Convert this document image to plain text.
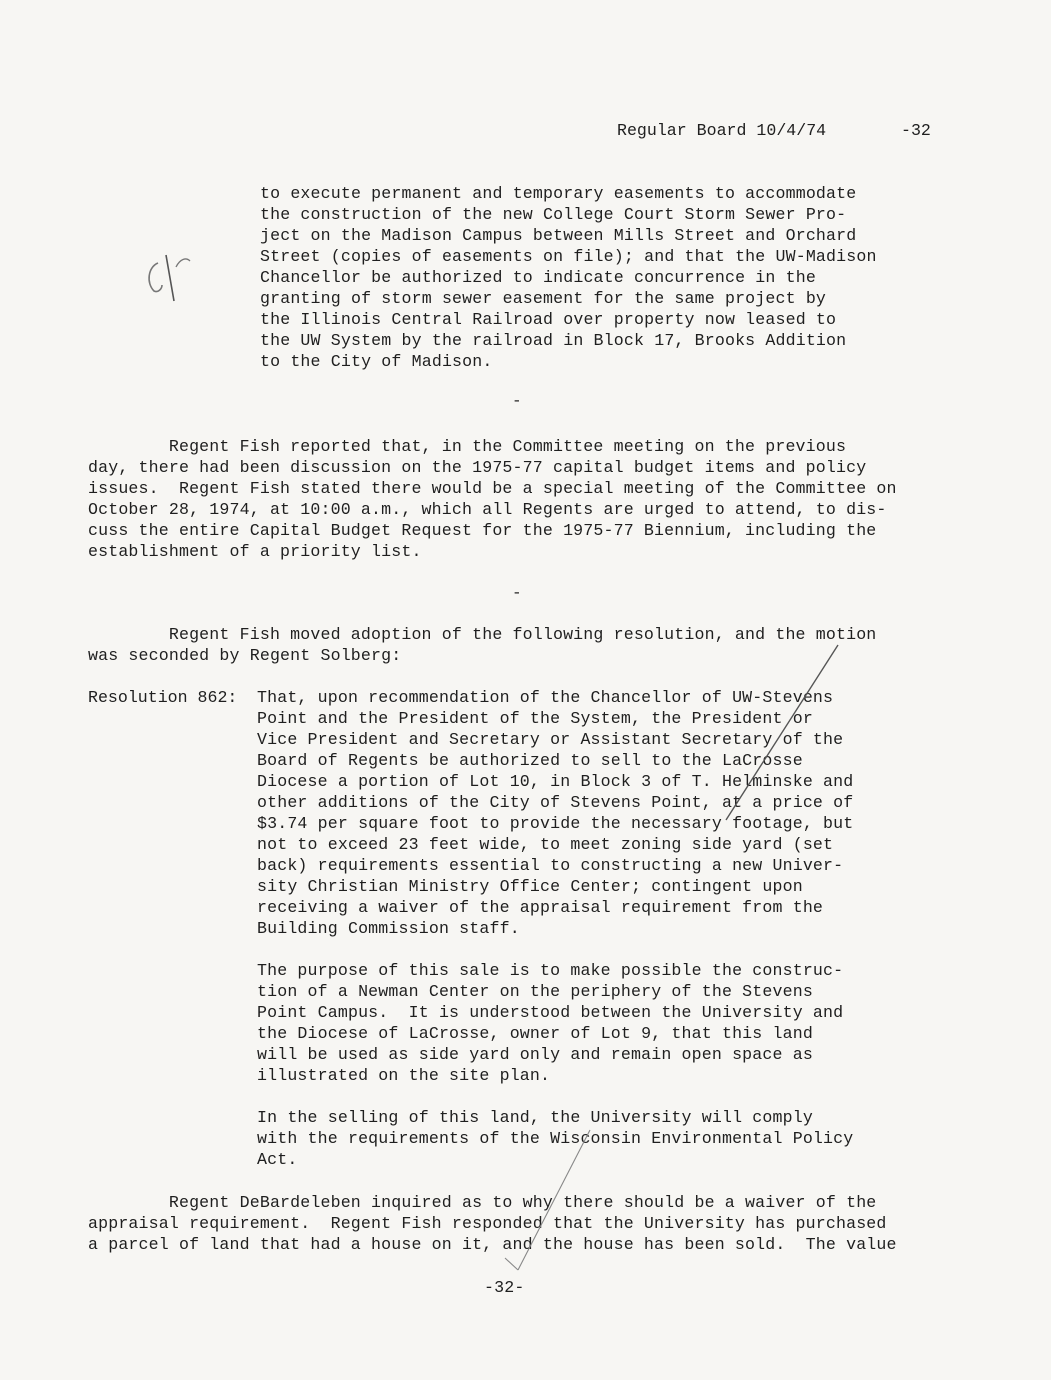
Regular Board 10/4/74	-32
to execute permanent and temporary easements to accommodate
the construction of the new College Court Storm Sewer Pro-
ject on the Madison Campus between Mills Street and Orchard
Street (copies of easements on file); and that the UW-Madison
Chancellor be authorized to indicate concurrence in the
granting of storm sewer easement for the same project by
the Illinois Central Railroad over property now leased to
the UW System by the railroad in Block 17, Brooks Addition
to the City of Madison.
-
Regent Fish reported that, in the Committee meeting on the previous
day, there had been discussion on the 1975-77 capital budget items and policy
issues.  Regent Fish stated there would be a special meeting of the Committee on
October 28, 1974, at 10:00 a.m., which all Regents are urged to attend, to dis-
cuss the entire Capital Budget Request for the 1975-77 Biennium, including the
establishment of a priority list.
-
Regent Fish moved adoption of the following resolution, and the motion
was seconded by Regent Solberg:
Resolution 862: That, upon recommendation of the Chancellor of UW-Stevens
Point and the President of the System, the President or
Vice President and Secretary or Assistant Secretary of the
Board of Regents be authorized to sell to the LaCrosse
Diocese a portion of Lot 10, in Block 3 of T. Helminske and
other additions of the City of Stevens Point, at a price of
$3.74 per square foot to provide the necessary footage, but
not to exceed 23 feet wide, to meet zoning side yard (set
back) requirements essential to constructing a new Univer-
sity Christian Ministry Office Center; contingent upon
receiving a waiver of the appraisal requirement from the
Building Commission staff.
The purpose of this sale is to make possible the construc-
tion of a Newman Center on the periphery of the Stevens
Point Campus.  It is understood between the University and
the Diocese of LaCrosse, owner of Lot 9, that this land
will be used as side yard only and remain open space as
illustrated on the site plan.
In the selling of this land, the University will comply
with the requirements of the Wisconsin Environmental Policy
Act.
Regent DeBardeleben inquired as to why there should be a waiver of the
appraisal requirement.  Regent Fish responded that the University has purchased
a parcel of land that had a house on it, and the house has been sold.  The value
-32-
